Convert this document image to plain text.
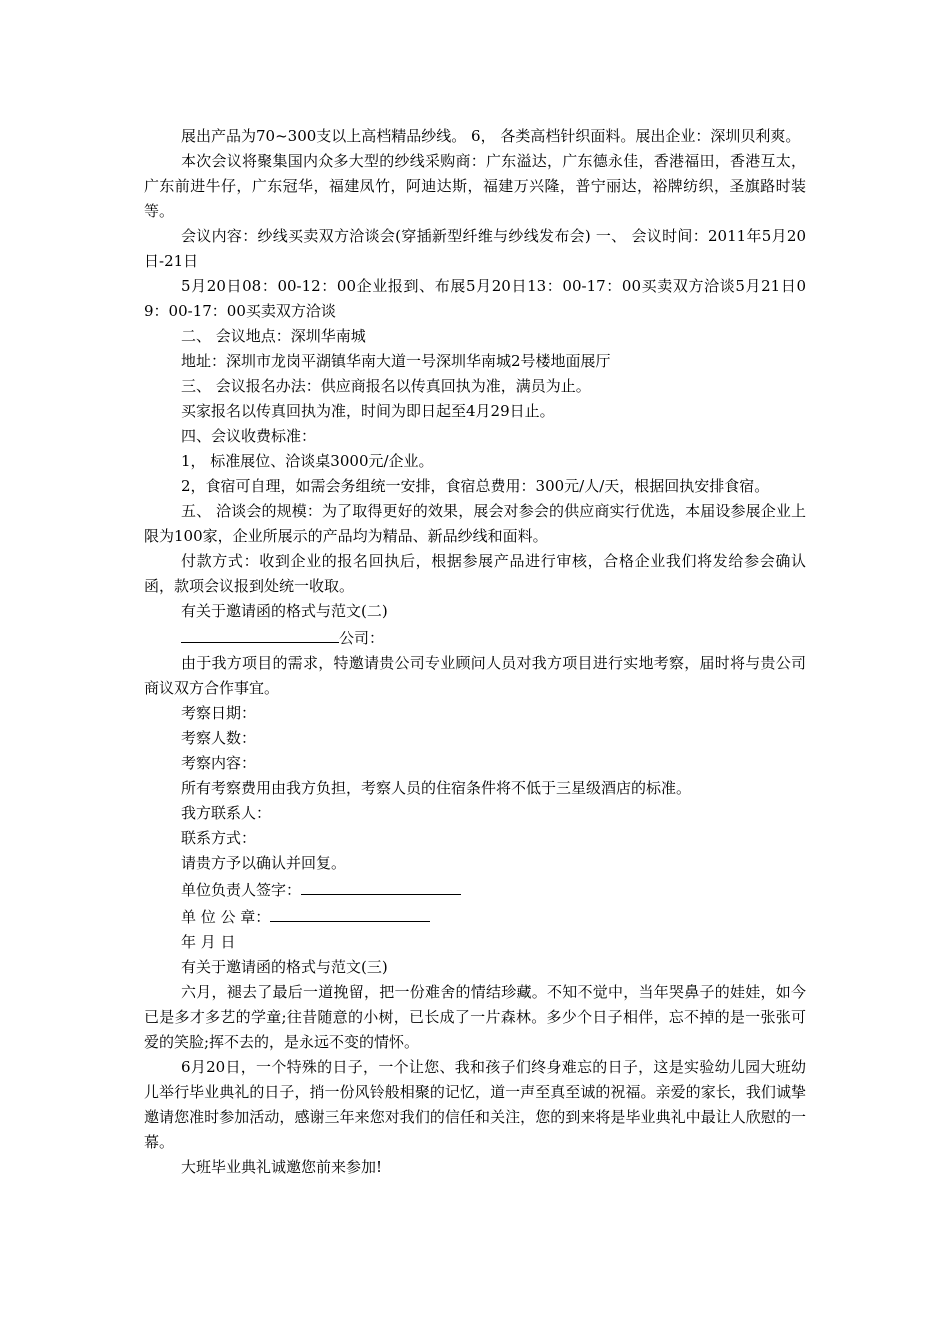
展出产品为70~300支以上高档精品纱线。 6， 各类高档针织面料。展出企业：深圳贝利爽。

本次会议将聚集国内众多大型的纱线采购商：广东溢达，广东德永佳，香港福田，香港互太，广东前进牛仔，广东冠华，福建凤竹，阿迪达斯，福建万兴隆，普宁丽达，裕牌纺织，圣旗路时装等。

会议内容：纱线买卖双方洽谈会(穿插新型纤维与纱线发布会) 一、 会议时间：2011年5月20日-21日

5月20日08：00-12：00企业报到、布展5月20日13：00-17：00买卖双方洽谈5月21日09：00-17：00买卖双方洽谈

二、 会议地点：深圳华南城

地址：深圳市龙岗平湖镇华南大道一号深圳华南城2号楼地面展厅

三、 会议报名办法：供应商报名以传真回执为准，满员为止。

买家报名以传真回执为准，时间为即日起至4月29日止。

四、会议收费标准：

1， 标准展位、洽谈桌3000元/企业。

2，食宿可自理，如需会务组统一安排，食宿总费用：300元/人/天，根据回执安排食宿。

五、 洽谈会的规模：为了取得更好的效果，展会对参会的供应商实行优选，本届设参展企业上限为100家，企业所展示的产品均为精品、新品纱线和面料。

付款方式：收到企业的报名回执后，根据参展产品进行审核，合格企业我们将发给参会确认函，款项会议报到处统一收取。

有关于邀请函的格式与范文(二)

公司：

由于我方项目的需求，特邀请贵公司专业顾问人员对我方项目进行实地考察，届时将与贵公司商议双方合作事宜。

考察日期：

考察人数：

考察内容：

所有考察费用由我方负担，考察人员的住宿条件将不低于三星级酒店的标准。

我方联系人：

联系方式：

请贵方予以确认并回复。

单位负责人签字：

单 位 公 章：

年 月 日

有关于邀请函的格式与范文(三)

六月，褪去了最后一道挽留，把一份难舍的情结珍藏。不知不觉中，当年哭鼻子的娃娃，如今已是多才多艺的学童;往昔随意的小树，已长成了一片森林。多少个日子相伴，忘不掉的是一张张可爱的笑脸;挥不去的，是永远不变的情怀。

6月20日，一个特殊的日子，一个让您、我和孩子们终身难忘的日子，这是实验幼儿园大班幼儿举行毕业典礼的日子，捎一份风铃般相聚的记忆，道一声至真至诚的祝福。亲爱的家长，我们诚挚邀请您准时参加活动，感谢三年来您对我们的信任和关注，您的到来将是毕业典礼中最让人欣慰的一幕。

大班毕业典礼诚邀您前来参加!
